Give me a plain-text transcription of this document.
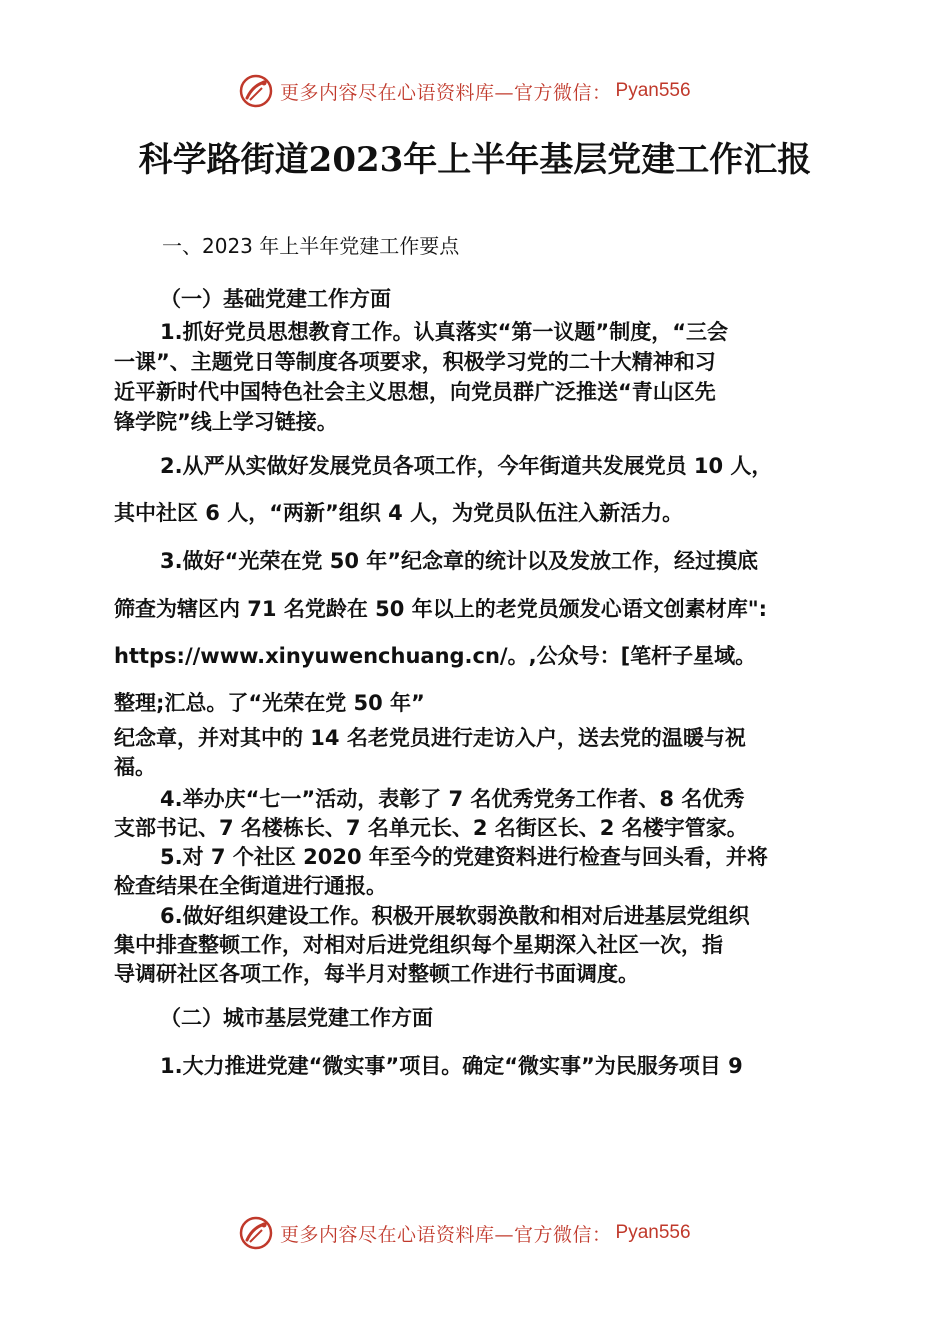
更多内容尽在心语资料库—官方微信： Pyan556
科学路街道2023年上半年基层党建工作汇报
一、2023 年上半年党建工作要点
（一）基础党建工作方面
1.抓好党员思想教育工作。认真落实“第一议题”制度，“三会
一课”、主题党日等制度各项要求，积极学习党的二十大精神和习
近平新时代中国特色社会主义思想，向党员群广泛推送“青山区先
锋学院”线上学习链接。
2.从严从实做好发展党员各项工作，今年街道共发展党员 10 人，
其中社区 6 人，“两新”组织 4 人，为党员队伍注入新活力。
3.做好“光荣在党 50 年”纪念章的统计以及发放工作，经过摸底
筛查为辖区内 71 名党龄在 50 年以上的老党员颁发心语文创素材库":
https://www.xinyuwenchuang.cn/。,公众号：[笔杆子星域。
整理;汇总。了“光荣在党 50 年”
纪念章，并对其中的 14 名老党员进行走访入户，送去党的温暖与祝
福。
4.举办庆“七一”活动，表彰了 7 名优秀党务工作者、8 名优秀
支部书记、7 名楼栋长、7 名单元长、2 名街区长、2 名楼宇管家。
5.对 7 个社区 2020 年至今的党建资料进行检查与回头看，并将
检查结果在全街道进行通报。
6.做好组织建设工作。积极开展软弱涣散和相对后进基层党组织
集中排查整顿工作，对相对后进党组织每个星期深入社区一次，指
导调研社区各项工作，每半月对整顿工作进行书面调度。
（二）城市基层党建工作方面
1.大力推进党建“微实事”项目。确定“微实事”为民服务项目 9
更多内容尽在心语资料库—官方微信： Pyan556
